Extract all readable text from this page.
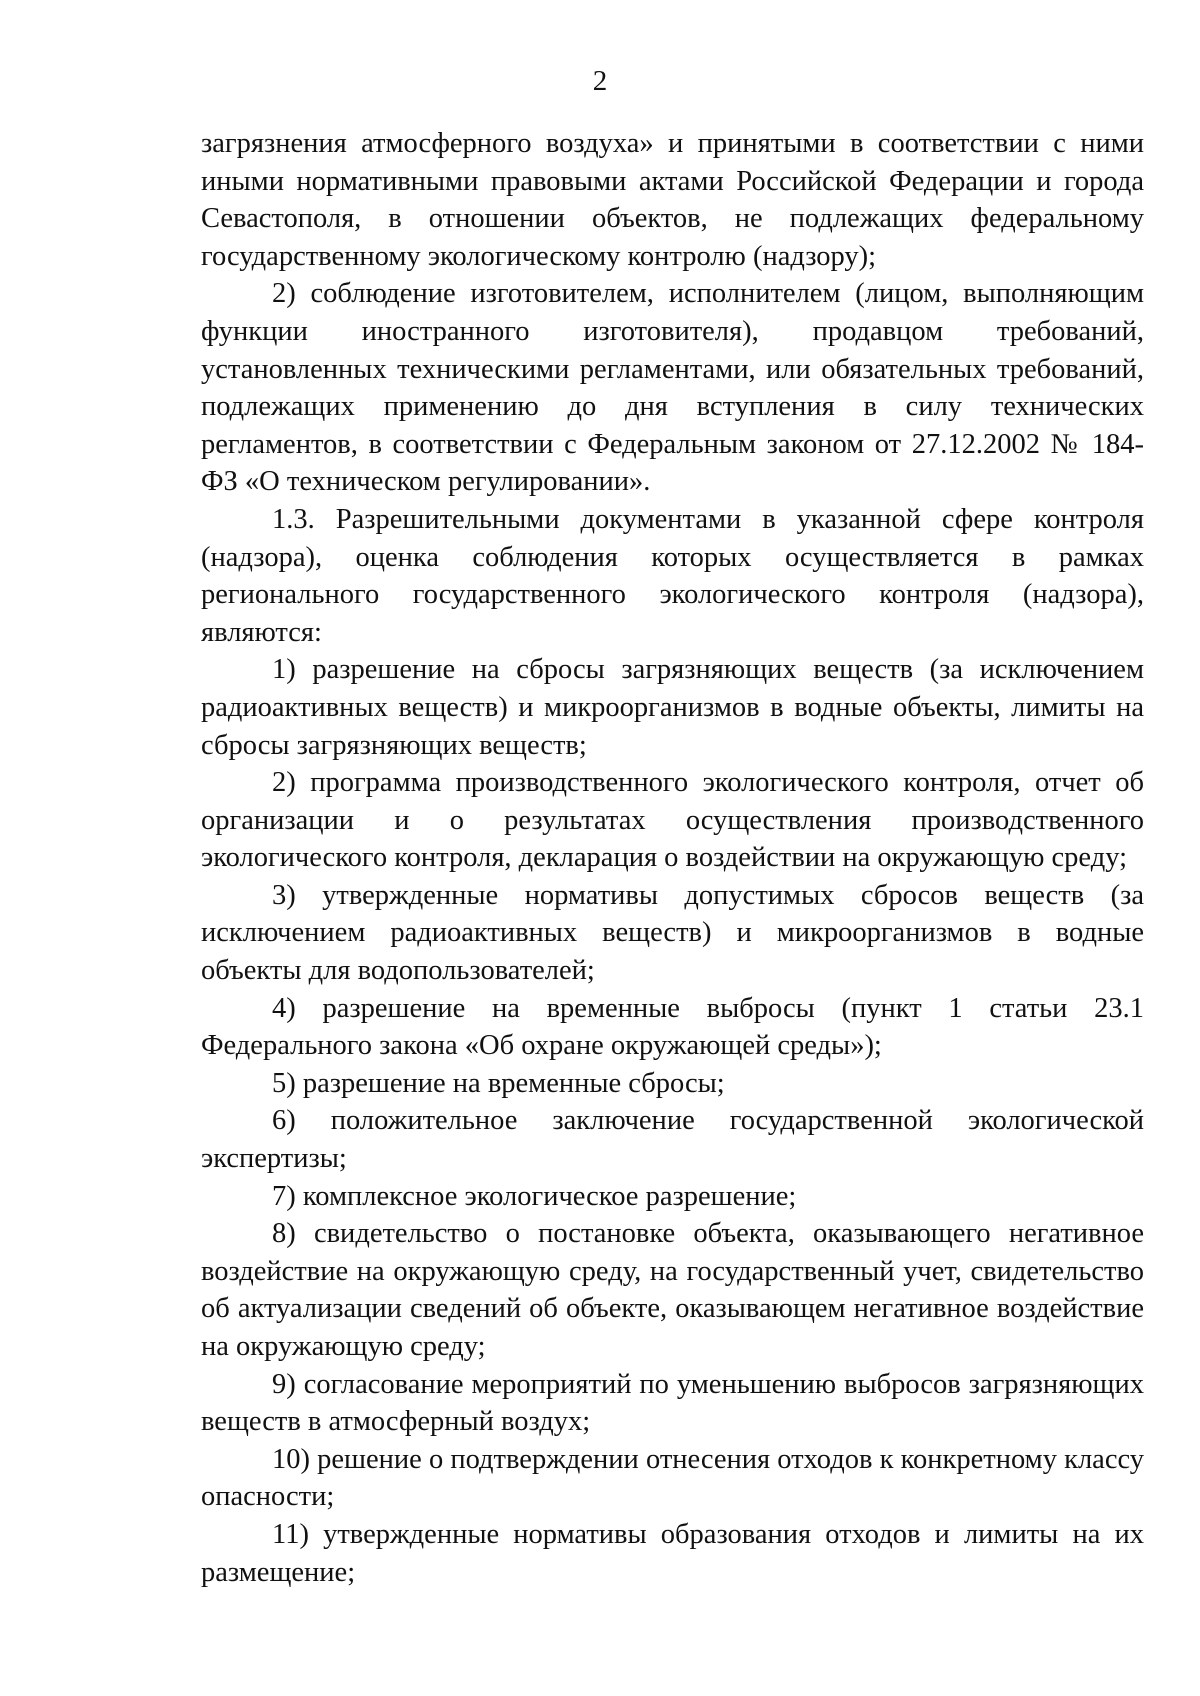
2

загрязнения атмосферного воздуха» и принятыми в соответствии с ними иными нормативными правовыми актами Российской Федерации и города Севастополя, в отношении объектов, не подлежащих федеральному государственному экологическому контролю (надзору);

2) соблюдение изготовителем, исполнителем (лицом, выполняющим функции иностранного изготовителя), продавцом требований, установленных техническими регламентами, или обязательных требований, подлежащих применению до дня вступления в силу технических регламентов, в соответствии с Федеральным законом от 27.12.2002 № 184-ФЗ «О техническом регулировании».

1.3. Разрешительными документами в указанной сфере контроля (надзора), оценка соблюдения которых осуществляется в рамках регионального государственного экологического контроля (надзора), являются:

1) разрешение на сбросы загрязняющих веществ (за исключением радиоактивных веществ) и микроорганизмов в водные объекты, лимиты на сбросы загрязняющих веществ;

2) программа производственного экологического контроля, отчет об организации и о результатах осуществления производственного экологического контроля, декларация о воздействии на окружающую среду;

3) утвержденные нормативы допустимых сбросов веществ (за исключением радиоактивных веществ) и микроорганизмов в водные объекты для водопользователей;

4) разрешение на временные выбросы (пункт 1 статьи 23.1 Федерального закона «Об охране окружающей среды»);

5) разрешение на временные сбросы;

6) положительное заключение государственной экологической экспертизы;

7) комплексное экологическое разрешение;

8) свидетельство о постановке объекта, оказывающего негативное воздействие на окружающую среду, на государственный учет, свидетельство об актуализации сведений об объекте, оказывающем негативное воздействие на окружающую среду;

9) согласование мероприятий по уменьшению выбросов загрязняющих веществ в атмосферный воздух;

10) решение о подтверждении отнесения отходов к конкретному классу опасности;

11) утвержденные нормативы образования отходов и лимиты на их размещение;
